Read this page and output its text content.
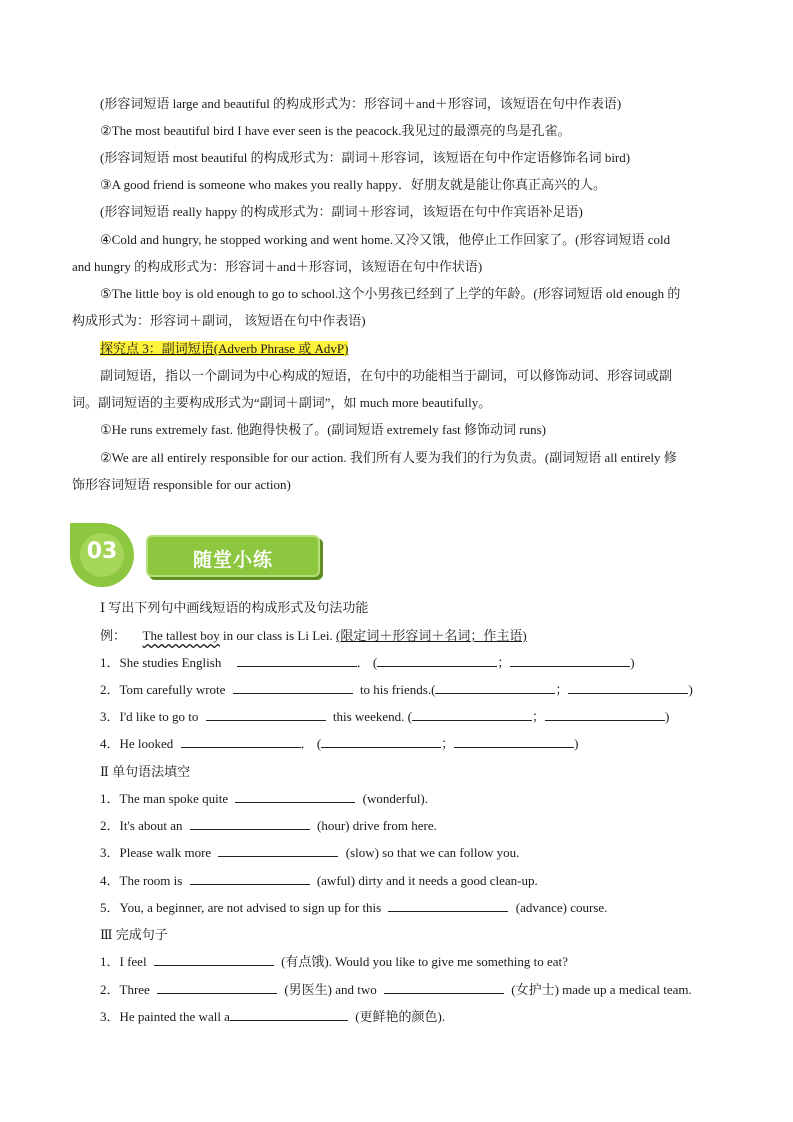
(形容词短语 large and beautiful 的构成形式为：形容词＋and＋形容词，该短语在句中作表语)
②The most beautiful bird I have ever seen is the peacock.我见过的最漂亮的鸟是孔雀。
(形容词短语 most beautiful 的构成形式为：副词＋形容词，该短语在句中作定语修饰名词 bird)
③A good friend is someone who makes you really happy．好朋友就是能让你真正高兴的人。
(形容词短语 really happy 的构成形式为：副词＋形容词，该短语在句中作宾语补足语)
④Cold and hungry, he stopped working and went home.又冷又饿，他停止工作回家了。(形容词短语 cold
and hungry 的构成形式为：形容词＋and＋形容词，该短语在句中作状语)
⑤The little boy is old enough to go to school.这个小男孩已经到了上学的年龄。(形容词短语 old enough 的
构成形式为：形容词＋副词， 该短语在句中作表语)
探究点 3：副词短语(Adverb Phrase 或 AdvP)
副词短语，指以一个副词为中心构成的短语，在句中的功能相当于副词，可以修饰动词、形容词或副
词。副词短语的主要构成形式为“副词＋副词”，如 much more beautifully。
①He runs extremely fast. 他跑得快极了。(副词短语 extremely fast 修饰动词 runs)
②We are all entirely responsible for our action. 我们所有人要为我们的行为负责。(副词短语 all entirely 修
饰形容词短语 responsible for our action)
03	随堂小练
Ⅰ 写出下列句中画线短语的构成形式及句法功能
例： The tallest boy in our class is Li Lei. (限定词＋形容词＋名词；作主语)
1．She studies English	． (	；	)
2．Tom carefully wrote	to his friends.(	；	)
3．I'd like to go to	this weekend. (	；	)
4．He looked	． (	；	)
Ⅱ 单句语法填空
1．The man spoke quite	(wonderful).
2．It's about an	(hour) drive from here.
3．Please walk more	(slow) so that we can follow you.
4．The room is	(awful) dirty and it needs a good clean-up.
5．You, a beginner, are not advised to sign up for this	(advance) course.
Ⅲ 完成句子
1．I feel	(有点饿). Would you like to give me something to eat?
2．Three	(男医生) and two	(女护士) made up a medical team.
3．He painted the wall a	(更鲜艳的颜色).
